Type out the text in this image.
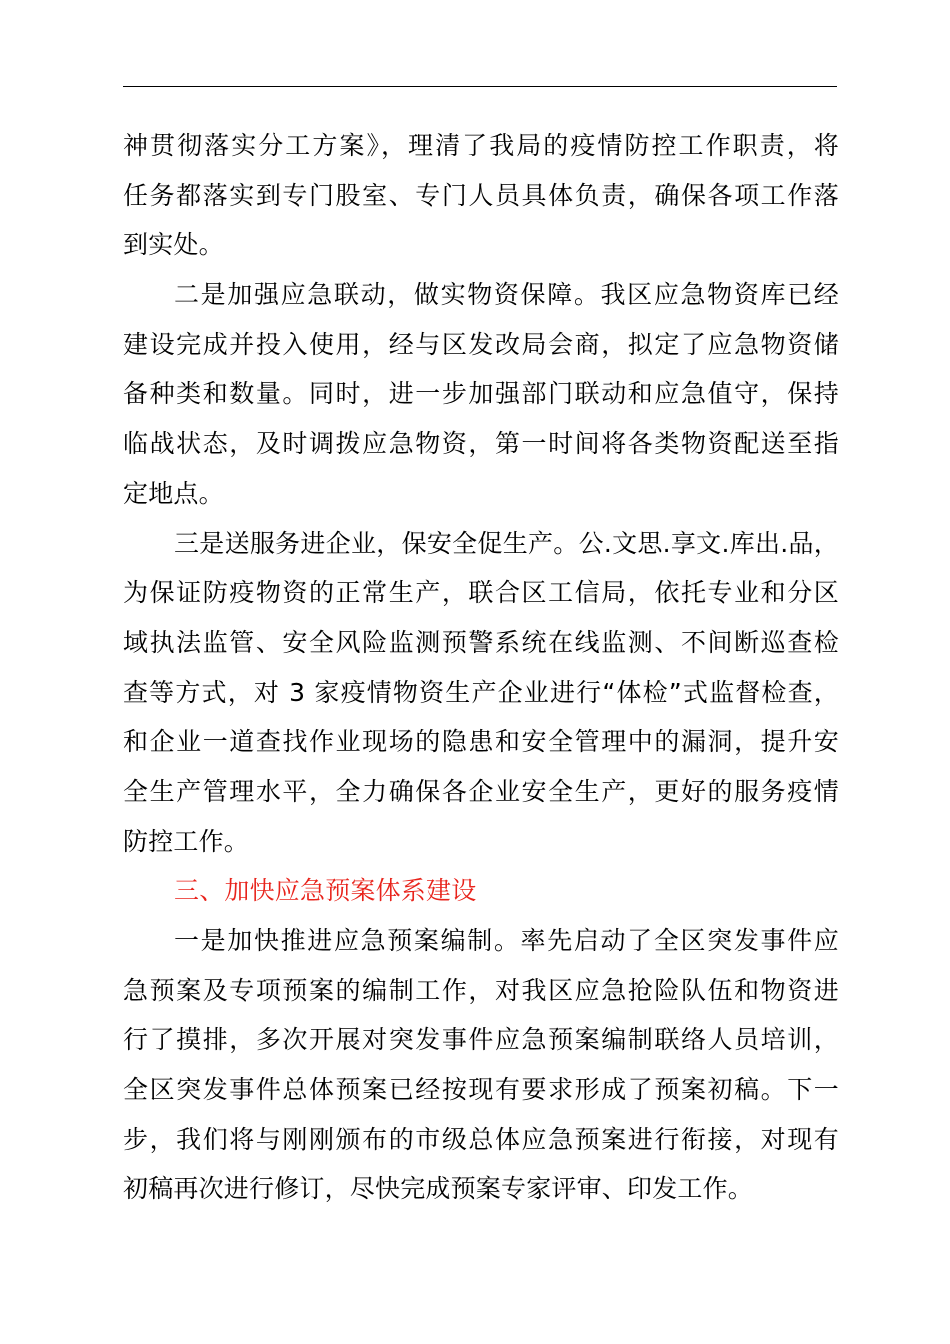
神贯彻落实分工方案》，理清了我局的疫情防控工作职责，将
任务都落实到专门股室、专门人员具体负责，确保各项工作落
到实处。
二是加强应急联动，做实物资保障。我区应急物资库已经
建设完成并投入使用，经与区发改局会商，拟定了应急物资储
备种类和数量。同时，进一步加强部门联动和应急值守，保持
临战状态，及时调拨应急物资，第一时间将各类物资配送至指
定地点。
三是送服务进企业，保安全促生产。公.文思.享文.库出.品，
为保证防疫物资的正常生产，联合区工信局，依托专业和分区
域执法监管、安全风险监测预警系统在线监测、不间断巡查检
查等方式，对 3 家疫情物资生产企业进行“体检”式监督检查，
和企业一道查找作业现场的隐患和安全管理中的漏洞，提升安
全生产管理水平，全力确保各企业安全生产，更好的服务疫情
防控工作。
三、加快应急预案体系建设
一是加快推进应急预案编制。率先启动了全区突发事件应
急预案及专项预案的编制工作，对我区应急抢险队伍和物资进
行了摸排，多次开展对突发事件应急预案编制联络人员培训，
全区突发事件总体预案已经按现有要求形成了预案初稿。下一
步，我们将与刚刚颁布的市级总体应急预案进行衔接，对现有
初稿再次进行修订，尽快完成预案专家评审、印发工作。
